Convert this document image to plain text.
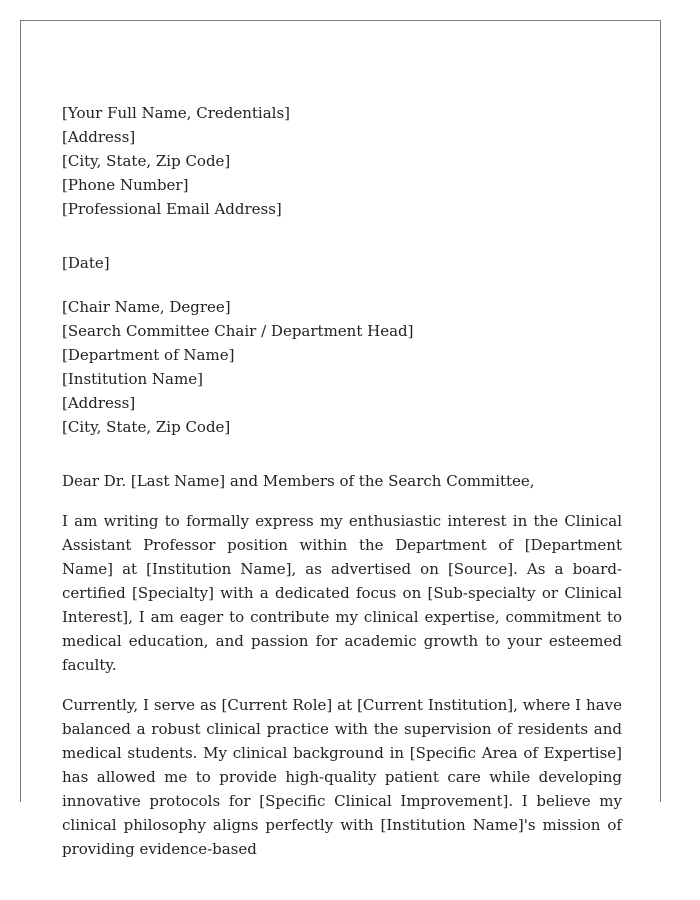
[Your Full Name, Credentials]
[Address]
[City, State, Zip Code]
[Phone Number]
[Professional Email Address]
[Date]
[Chair Name, Degree]
[Search Committee Chair / Department Head]
[Department of Name]
[Institution Name]
[Address]
[City, State, Zip Code]

Dear Dr. [Last Name] and Members of the Search Committee,

I am writing to formally express my enthusiastic interest in the Clinical Assistant Professor position within the Department of [Department Name] at [Institution Name], as advertised on [Source]. As a board-certified [Specialty] with a dedicated focus on [Sub-specialty or Clinical Interest], I am eager to contribute my clinical expertise, commitment to medical education, and passion for academic growth to your esteemed faculty.

Currently, I serve as [Current Role] at [Current Institution], where I have balanced a robust clinical practice with the supervision of residents and medical students. My clinical background in [Specific Area of Expertise] has allowed me to provide high-quality patient care while developing innovative protocols for [Specific Clinical Improvement]. I believe my clinical philosophy aligns perfectly with [Institution Name]'s mission of providing evidence-based
